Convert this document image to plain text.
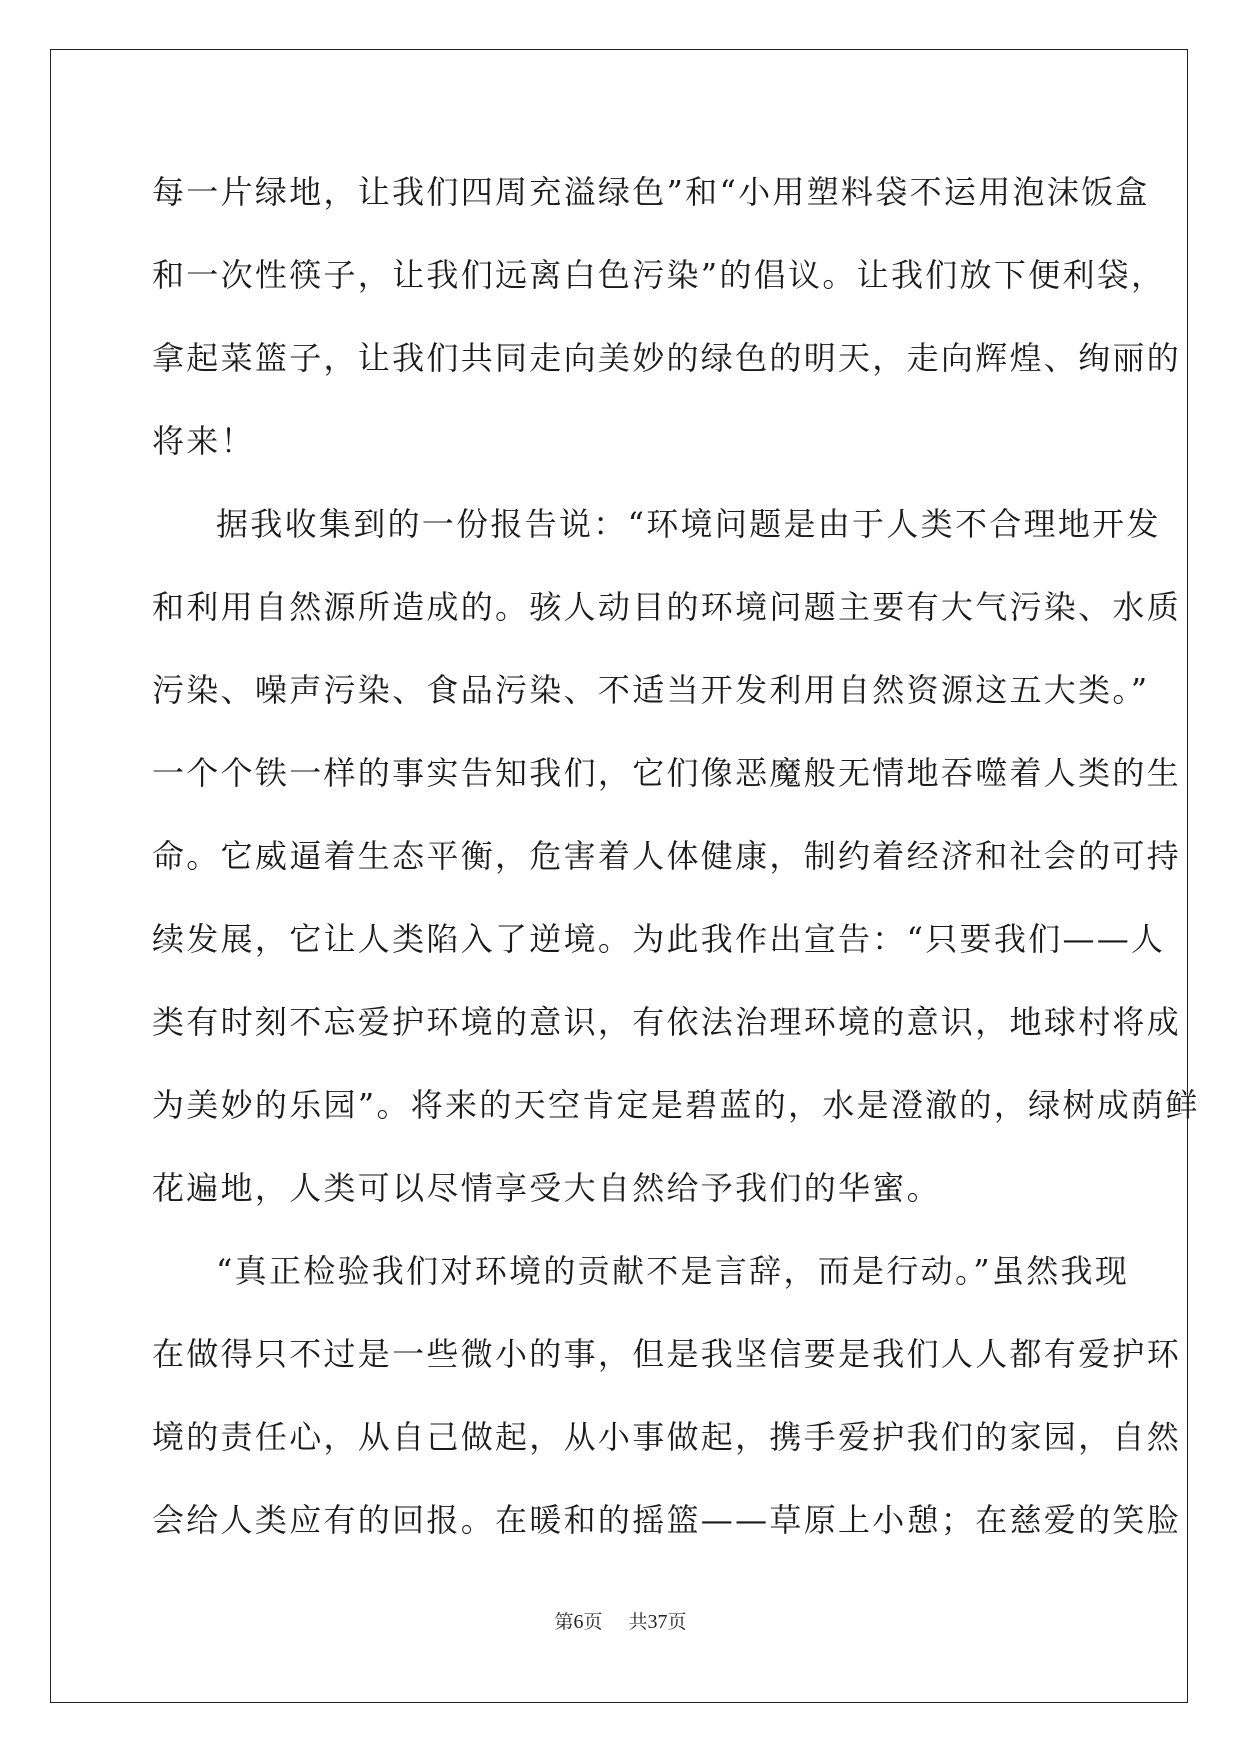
每一片绿地，让我们四周充溢绿色”和“小用塑料袋不运用泡沫饭盒
和一次性筷子，让我们远离白色污染”的倡议。让我们放下便利袋，
拿起菜篮子，让我们共同走向美妙的绿色的明天，走向辉煌、绚丽的
将来！
据我收集到的一份报告说：“环境问题是由于人类不合理地开发
和利用自然源所造成的。骇人动目的环境问题主要有大气污染、水质
污染、噪声污染、食品污染、不适当开发利用自然资源这五大类。”
一个个铁一样的事实告知我们，它们像恶魔般无情地吞噬着人类的生
命。它威逼着生态平衡，危害着人体健康，制约着经济和社会的可持
续发展，它让人类陷入了逆境。为此我作出宣告：“只要我们——人
类有时刻不忘爱护环境的意识，有依法治理环境的意识，地球村将成
为美妙的乐园”。将来的天空肯定是碧蓝的，水是澄澈的，绿树成荫鲜
花遍地，人类可以尽情享受大自然给予我们的华蜜。
“真正检验我们对环境的贡献不是言辞，而是行动。”虽然我现
在做得只不过是一些微小的事，但是我坚信要是我们人人都有爱护环
境的责任心，从自己做起，从小事做起，携手爱护我们的家园，自然
会给人类应有的回报。在暖和的摇篮——草原上小憩；在慈爱的笑脸
第6页 共37页
